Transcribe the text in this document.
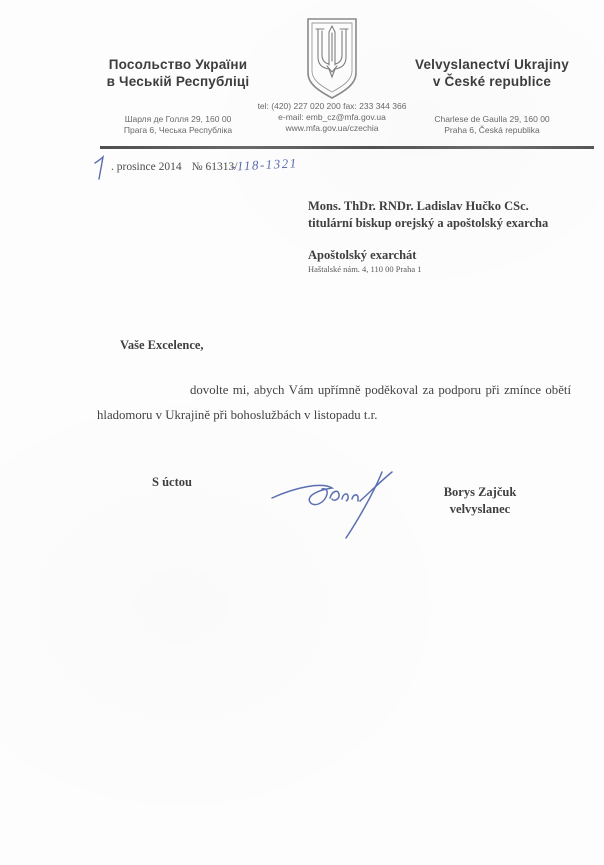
Посольство України
в Чеській Республіці
Velvyslanectví Ukrajiny
v České republice
tel: (420) 227 020 200 fax: 233 344 366
e-mail: emb_cz@mfa.gov.ua
www.mfa.gov.ua/czechia
Шарля де Голля 29, 160 00
Прага 6, Чеська Республіка
Charlese de Gaulla 29, 160 00
Praha 6, Česká republika
. prosince 2014 № 61313/
-118-1321
Mons. ThDr. RNDr. Ladislav Hučko CSc.
titulární biskup orejský a apoštolský exarcha
Apoštolský exarchát
Haštalské nám. 4, 110 00 Praha 1
Vaše Excelence,
dovolte mi, abych Vám upřímně poděkoval za podporu při zmínce obětí
hladomoru v Ukrajině při bohoslužbách v listopadu t.r.
S úctou
Borys Zajčuk
velvyslanec
